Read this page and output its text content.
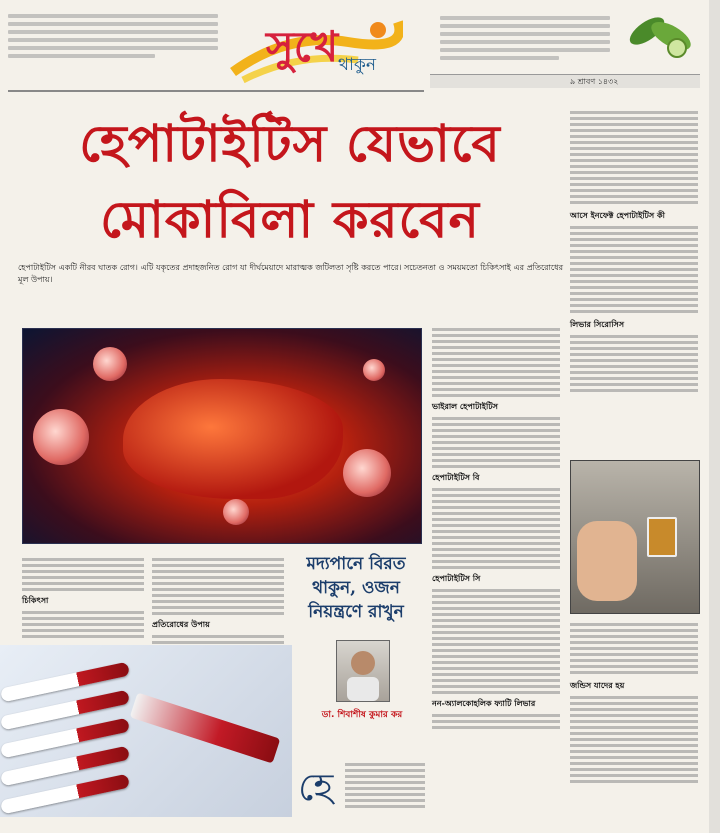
সুখে থাকুন
৯ শ্রাবণ ১৪৩২
হেপাটাইটিস যেভাবে
মোকাবিলা করবেন
হেপাটাইটিস একটি নীরব ঘাতক রোগ। এটি যকৃতের প্রদাহজনিত রোগ যা দীর্ঘমেয়াদে মারাত্মক জটিলতা সৃষ্টি করতে পারে। সচেতনতা ও সময়মতো চিকিৎসাই এর প্রতিরোধের মূল উপায়।
ভাইরাল হেপাটাইটিস
হেপাটাইটিস বি
হেপাটাইটিস সি
নন-অ্যালকোহলিক ফ্যাটি লিভার
আসে ইনফেক্ট হেপাটাইটিস কী
লিভার সিরোসিস
জন্ডিস যাদের হয়
চিকিৎসা
প্রতিরোধের উপায়
মদ্যপানে বিরত থাকুন, ওজন নিয়ন্ত্রণে রাখুন
ডা. শিবাশীষ কুমার কর
হে
